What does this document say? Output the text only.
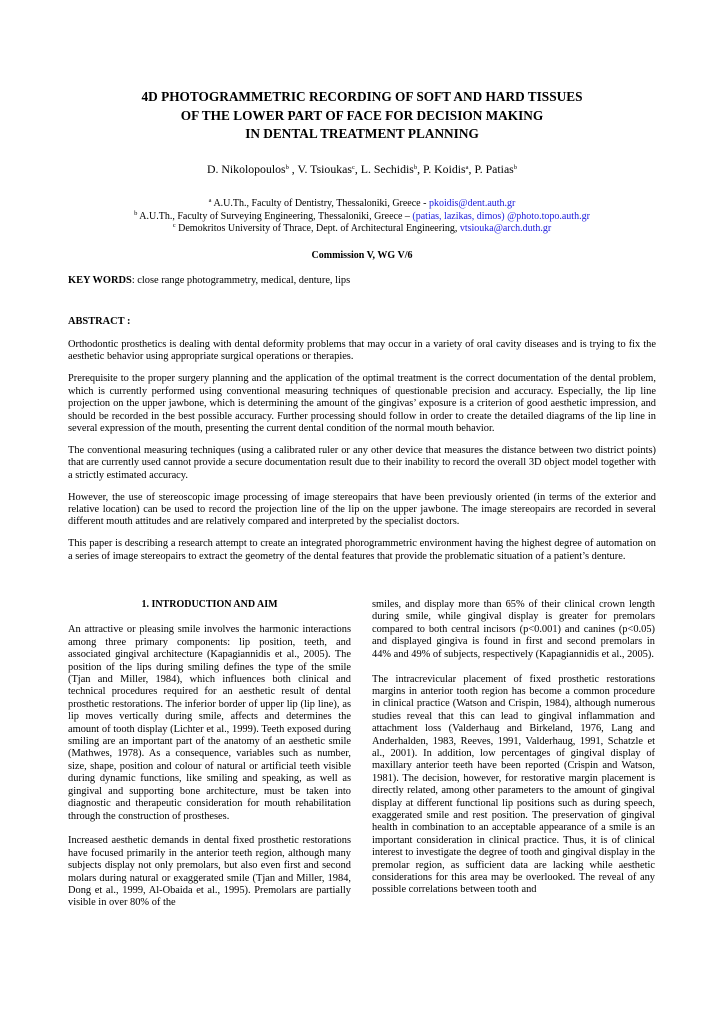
4D PHOTOGRAMMETRIC RECORDING OF SOFT AND HARD TISSUES
OF THE LOWER PART OF FACE FOR DECISION MAKING
IN DENTAL TREATMENT PLANNING
D. Nikolopoulos$^b$ , V. Tsioukas$^c$, L. Sechidis$^b$, P. Koidis$^a$, P. Patias$^b$
$^a$ A.U.Th., Faculty of Dentistry, Thessaloniki, Greece - pkoidis@dent.auth.gr
$^b$ A.U.Th., Faculty of Surveying Engineering, Thessaloniki, Greece – (patias, lazikas, dimos) @photo.topo.auth.gr
$^c$ Demokritos University of Thrace, Dept. of Architectural Engineering, vtsiouka@arch.duth.gr
Commission V, WG V/6
KEY WORDS: close range photogrammetry, medical, denture, lips
ABSTRACT :

Orthodontic prosthetics is dealing with dental deformity problems that may occur in a variety of oral cavity diseases and is trying to fix the aesthetic behavior using appropriate surgical operations or therapies.

Prerequisite to the proper surgery planning and the application of the optimal treatment is the correct documentation of the dental problem, which is currently performed using conventional measuring techniques of questionable precision and accuracy. Especially, the lip line projection on the upper jawbone, which is determining the amount of the gingivas’ exposure is a criterion of good aesthetic impression, and should be recorded in the best possible accuracy. Further processing should follow in order to create the detailed diagrams of the lip line in several expression of the mouth, presenting the current dental condition of the normal mouth behavior.

The conventional measuring techniques (using a calibrated ruler or any other device that measures the distance between two district points) that are currently used cannot provide a secure documentation result due to their inability to record the overall 3D object model together with a strictly estimated accuracy.

However, the use of stereoscopic image processing of image stereopairs that have been previously oriented (in terms of the exterior and relative location) can be used to record the projection line of the lip on the upper jawbone. The image stereopairs are recorded in several different mouth attitudes and are relatively compared and interpreted by the specialist doctors.

This paper is describing a research attempt to create an integrated phorogrammetric environment having the highest degree of automation on a series of image stereopairs to extract the geometry of the dental features that provide the problematic situation of a patient’s denture.

1. INTRODUCTION AND AIM

An attractive or pleasing smile involves the harmonic interactions among three primary components: lip position, teeth, and associated gingival architecture (Kapagiannidis et al., 2005). The position of the lips during smiling defines the type of the smile (Tjan and Miller, 1984), which influences both clinical and technical procedures required for an aesthetic result of dental prosthetic restorations. The inferior border of upper lip (lip line), as lip moves vertically during smile, affects and determines the amount of tooth display (Lichter et al., 1999). Teeth exposed during smiling are an important part of the anatomy of an aesthetic smile (Mathwes, 1978). As a consequence, variables such as number, size, shape, position and colour of natural or artificial teeth visible during dynamic functions, like smiling and speaking, as well as gingival and supporting bone architecture, must be taken into diagnostic and therapeutic consideration for mouth rehabilitation through the construction of prostheses.

Increased aesthetic demands in dental fixed prosthetic restorations have focused primarily in the anterior teeth region, although many subjects display not only premolars, but also even first and second molars during natural or exaggerated smile (Tjan and Miller, 1984, Dong et al., 1999, Al-Obaida et al., 1995). Premolars are partially visible in over 80% of the

smiles, and display more than 65% of their clinical crown length during smile, while gingival display is greater for premolars compared to both central incisors (p<0.001) and canines (p<0.05) and displayed gingiva is found in first and second premolars in 44% and 49% of subjects, respectively (Kapagiannidis et al., 2005).

The intracrevicular placement of fixed prosthetic restorations margins in anterior tooth region has become a common procedure in clinical practice (Watson and Crispin, 1984), although numerous studies reveal that this can lead to gingival inflammation and attachment loss (Valderhaug and Birkeland, 1976, Lang and Anderhalden, 1983, Reeves, 1991, Valderhaug, 1991, Schatzle et al., 2001). In addition, low percentages of gingival display of maxillary anterior teeth have been reported (Crispin and Watson, 1981). The decision, however, for restorative margin placement is directly related, among other parameters to the amount of gingival display at different functional lip positions such as during speech, exaggerated smile and rest position. The preservation of gingival health in combination to an acceptable appearance of a smile is an important consideration in clinical practice. Thus, it is of clinical interest to investigate the degree of tooth and gingival display in the premolar region, as sufficient data are lacking while aesthetic considerations for this area may be overlooked. The reveal of any possible correlations between tooth and
